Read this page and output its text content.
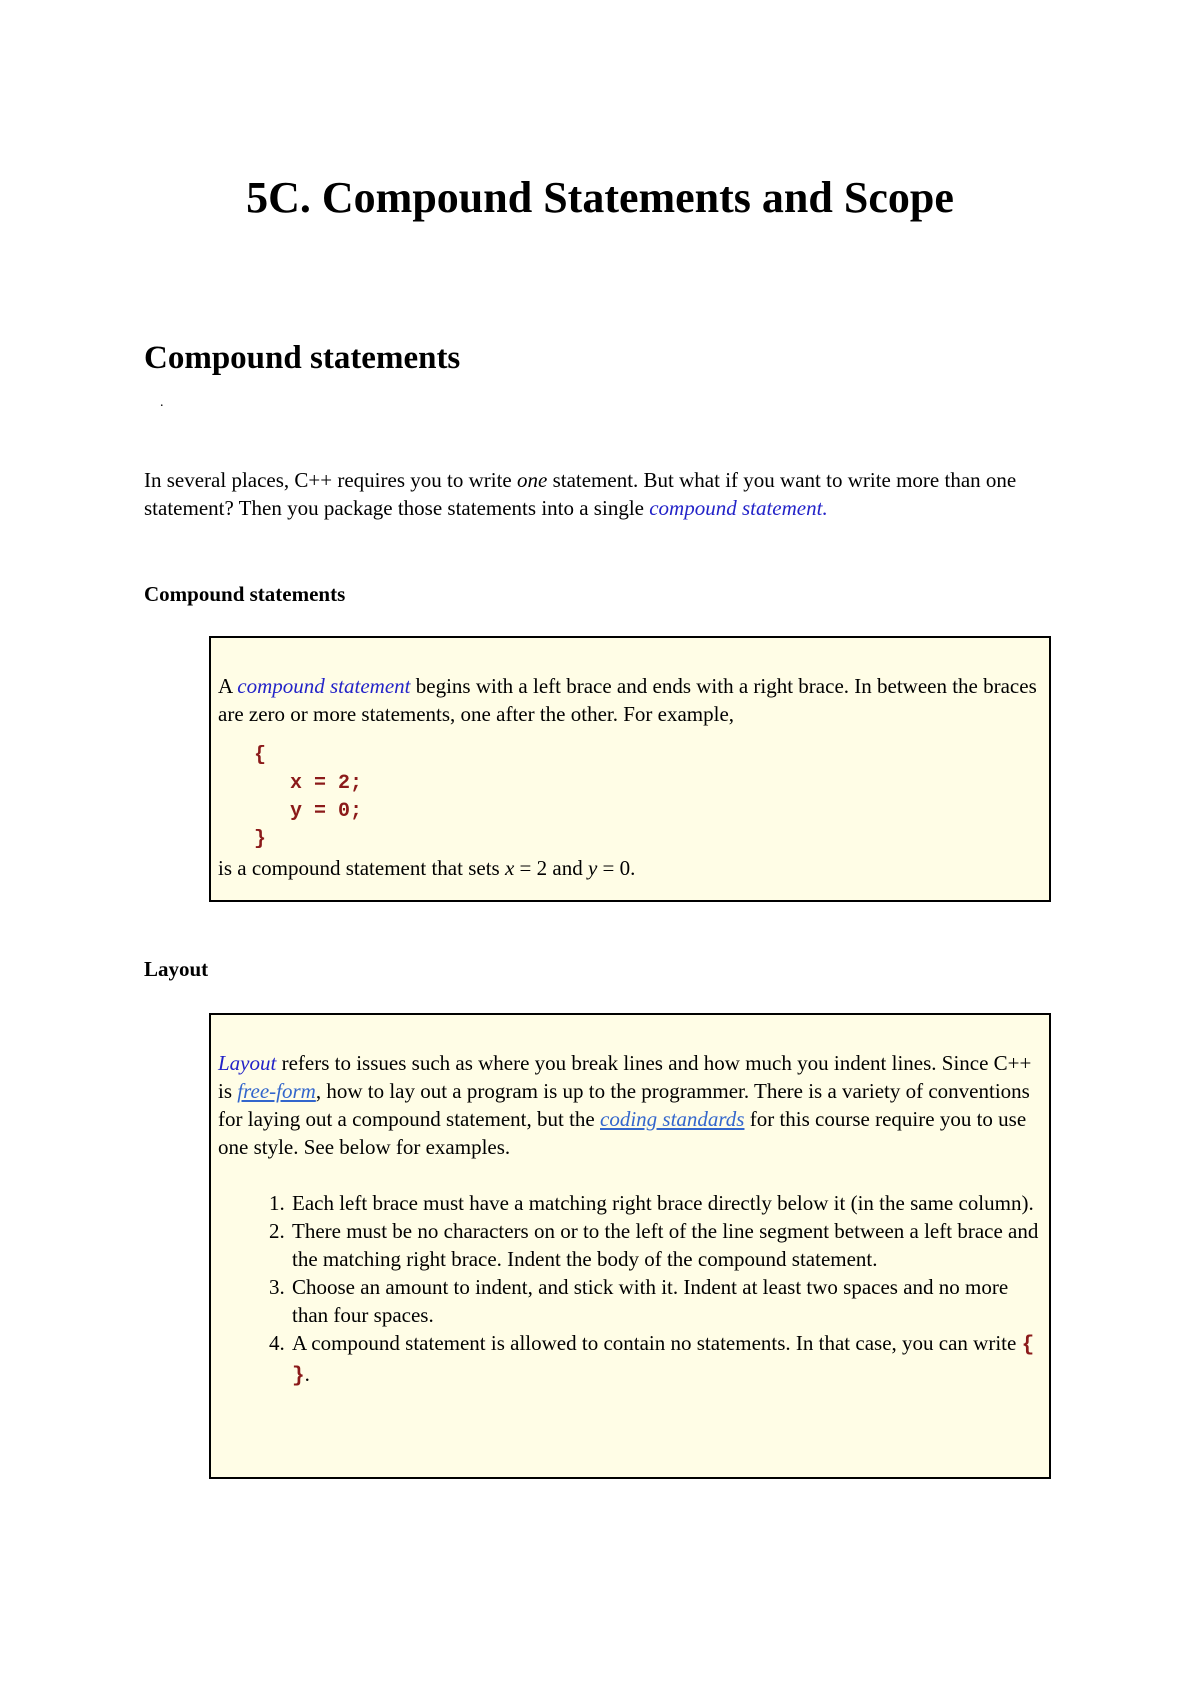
5C. Compound Statements and Scope
Compound statements
.

In several places, C++ requires you to write one statement. But what if you want to write more than one statement? Then you package those statements into a single compound statement.

Compound statements

A compound statement begins with a left brace and ends with a right brace. In between the braces are zero or more statements, one after the other. For example,

{
x = 2;
y = 0;
}

is a compound statement that sets x = 2 and y = 0.

Layout

Layout refers to issues such as where you break lines and how much you indent lines. Since C++ is free-form, how to lay out a program is up to the programmer. There is a variety of conventions for laying out a compound statement, but the coding standards for this course require you to use one style. See below for examples.

1. Each left brace must have a matching right brace directly below it (in the same column).
2. There must be no characters on or to the left of the line segment between a left brace and the matching right brace. Indent the body of the compound statement.
3. Choose an amount to indent, and stick with it. Indent at least two spaces and no more than four spaces.
4. A compound statement is allowed to contain no statements. In that case, you can write { }.
